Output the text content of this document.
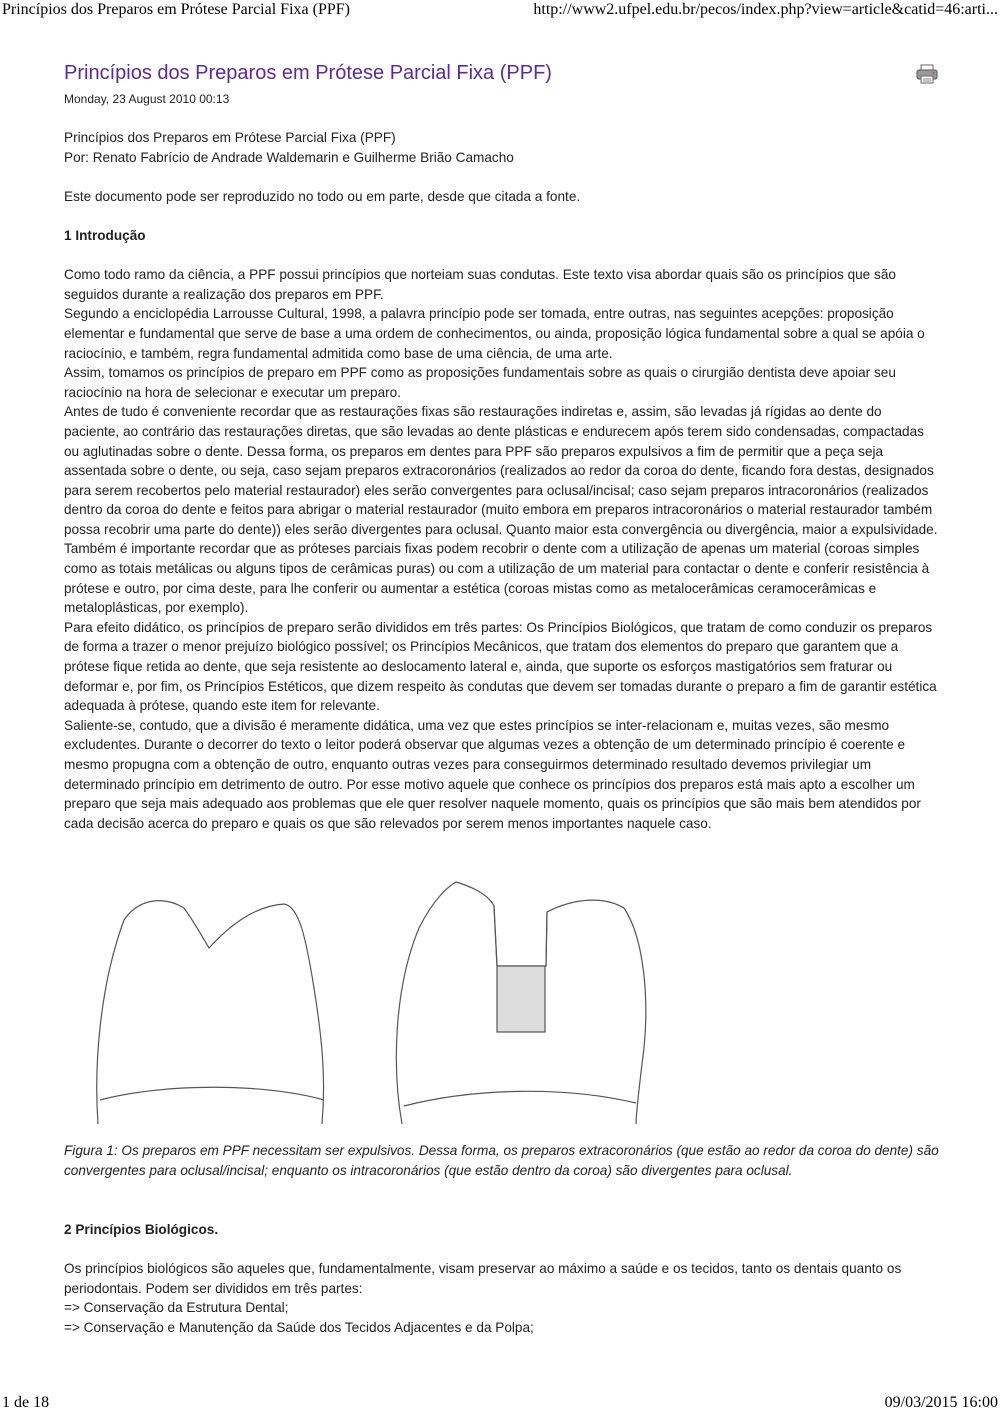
Princípios dos Preparos em Prótese Parcial Fixa (PPF)	http://www2.ufpel.edu.br/pecos/index.php?view=article&catid=46:arti...
Princípios dos Preparos em Prótese Parcial Fixa (PPF)
Monday, 23 August 2010 00:13

Princípios dos Preparos em Prótese Parcial Fixa (PPF)

Por: Renato Fabrício de Andrade Waldemarin e Guilherme Brião Camacho

Este documento pode ser reproduzido no todo ou em parte, desde que citada a fonte.

1 Introdução

Como todo ramo da ciência, a PPF possui princípios que norteiam suas condutas. Este texto visa abordar quais são os princípios que são seguidos durante a realização dos preparos em PPF.

Segundo a enciclopédia Larrousse Cultural, 1998, a palavra princípio pode ser tomada, entre outras, nas seguintes acepções: proposição elementar e fundamental que serve de base a uma ordem de conhecimentos, ou ainda, proposição lógica fundamental sobre a qual se apóia o raciocínio, e também, regra fundamental admitida como base de uma ciência, de uma arte.

Assim, tomamos os princípios de preparo em PPF como as proposições fundamentais sobre as quais o cirurgião dentista deve apoiar seu raciocínio na hora de selecionar e executar um preparo.

Antes de tudo é conveniente recordar que as restaurações fixas são restaurações indiretas e, assim, são levadas já rígidas ao dente do paciente, ao contrário das restaurações diretas, que são levadas ao dente plásticas e endurecem após terem sido condensadas, compactadas ou aglutinadas sobre o dente. Dessa forma, os preparos em dentes para PPF são preparos expulsivos a fim de permitir que a peça seja assentada sobre o dente, ou seja, caso sejam preparos extracoronários (realizados ao redor da coroa do dente, ficando fora destas, designados para serem recobertos pelo material restaurador) eles serão convergentes para oclusal/incisal; caso sejam preparos intracoronários (realizados dentro da coroa do dente e feitos para abrigar o material restaurador (muito embora em preparos intracoronários o material restaurador também possa recobrir uma parte do dente)) eles serão divergentes para oclusal. Quanto maior esta convergência ou divergência, maior a expulsividade.

Também é importante recordar que as próteses parciais fixas podem recobrir o dente com a utilização de apenas um material (coroas simples como as totais metálicas ou alguns tipos de cerâmicas puras) ou com a utilização de um material para contactar o dente e conferir resistência à prótese e outro, por cima deste, para lhe conferir ou aumentar a estética (coroas mistas como as metalocerâmicas ceramocerâmicas e metaloplásticas, por exemplo).

Para efeito didático, os princípios de preparo serão divididos em três partes: Os Princípios Biológicos, que tratam de como conduzir os preparos de forma a trazer o menor prejuízo biológico possível; os Princípios Mecânicos, que tratam dos elementos do preparo que garantem que a prótese fique retida ao dente, que seja resistente ao deslocamento lateral e, ainda, que suporte os esforços mastigatórios sem fraturar ou deformar e, por fim, os Princípios Estéticos, que dizem respeito às condutas que devem ser tomadas durante o preparo a fim de garantir estética adequada à prótese, quando este item for relevante.

Saliente-se, contudo, que a divisão é meramente didática, uma vez que estes princípios se inter-relacionam e, muitas vezes, são mesmo excludentes. Durante o decorrer do texto o leitor poderá observar que algumas vezes a obtenção de um determinado princípio é coerente e mesmo propugna com a obtenção de outro, enquanto outras vezes para conseguirmos determinado resultado devemos privilegiar um determinado princípio em detrimento de outro. Por esse motivo aquele que conhece os princípios dos preparos está mais apto a escolher um preparo que seja mais adequado aos problemas que ele quer resolver naquele momento, quais os princípios que são mais bem atendidos por cada decisão acerca do preparo e quais os que são relevados por serem menos importantes naquele caso.

Figura 1: Os preparos em PPF necessitam ser expulsivos. Dessa forma, os preparos extracoronários (que estão ao redor da coroa do dente) são convergentes para oclusal/incisal; enquanto os intracoronários (que estão dentro da coroa) são divergentes para oclusal.

2 Princípios Biológicos.

Os princípios biológicos são aqueles que, fundamentalmente, visam preservar ao máximo a saúde e os tecidos, tanto os dentais quanto os periodontais. Podem ser divididos em três partes:

=> Conservação da Estrutura Dental;

=> Conservação e Manutenção da Saúde dos Tecidos Adjacentes e da Polpa;

1 de 18	09/03/2015 16:00
